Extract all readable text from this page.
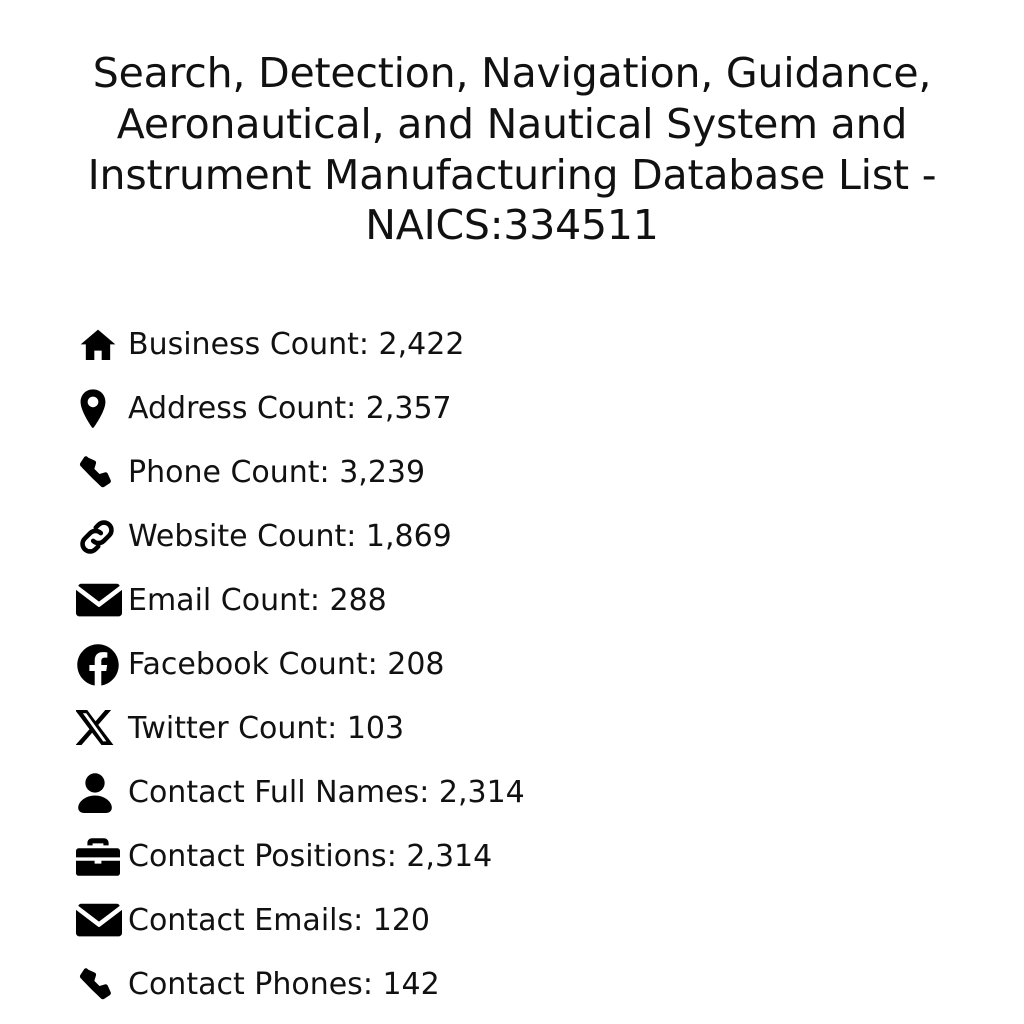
Search, Detection, Navigation, Guidance, Aeronautical, and Nautical System and Instrument Manufacturing Database List - NAICS:334511
Business Count: 2,422
Address Count: 2,357
Phone Count: 3,239
Website Count: 1,869
Email Count: 288
Facebook Count: 208
Twitter Count: 103
Contact Full Names: 2,314
Contact Positions: 2,314
Contact Emails: 120
Contact Phones: 142
